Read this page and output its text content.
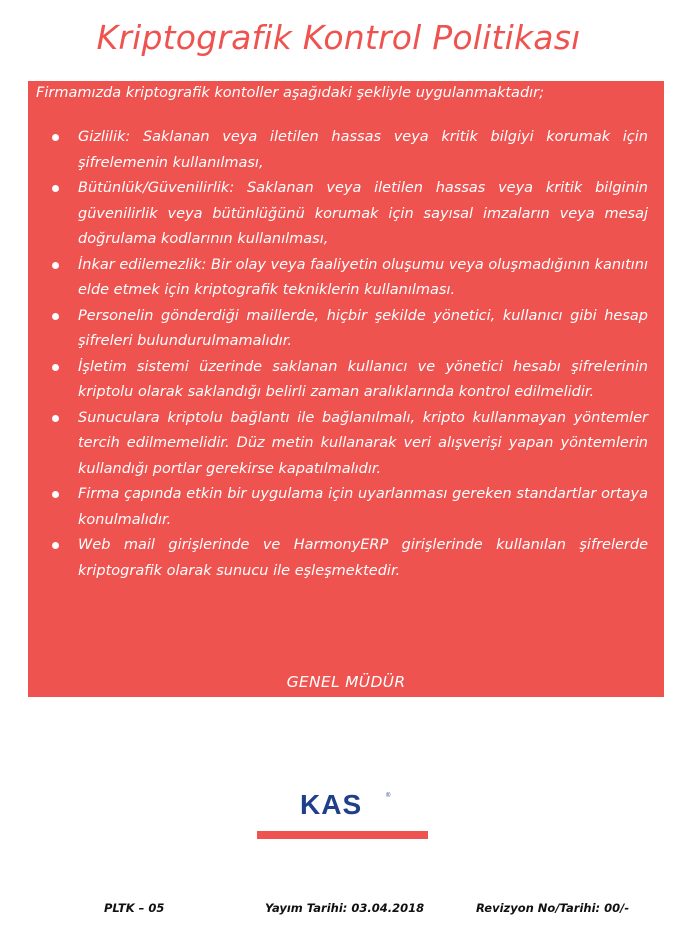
Kriptografik Kontrol Politikası
Firmamızda kriptografik kontoller aşağıdaki şekliyle uygulanmaktadır;
Gizlilik: Saklanan veya iletilen hassas veya kritik bilgiyi korumak için şifrelemenin kullanılması,
Bütünlük/Güvenilirlik: Saklanan veya iletilen hassas veya kritik bilginin güvenilirlik veya bütünlüğünü korumak için sayısal imzaların veya mesaj doğrulama kodlarının kullanılması,
İnkar edilemezlik: Bir olay veya faaliyetin oluşumu veya oluşmadığının kanıtını elde etmek için kriptografik tekniklerin kullanılması.
Personelin gönderdiği maillerde, hiçbir şekilde yönetici, kullanıcı gibi hesap şifreleri bulundurulmamalıdır.
İşletim sistemi üzerinde saklanan kullanıcı ve yönetici hesabı şifrelerinin kriptolu olarak saklandığı belirli zaman aralıklarında kontrol edilmelidir.
Sunuculara kriptolu bağlantı ile bağlanılmalı, kripto kullanmayan yöntemler tercih edilmemelidir. Düz metin kullanarak veri alışverişi yapan yöntemlerin kullandığı portlar gerekirse kapatılmalıdır.
Firma çapında etkin bir uygulama için uyarlanması gereken standartlar ortaya konulmalıdır.
Web mail girişlerinde ve HarmonyERP girişlerinde kullanılan şifrelerde kriptografik olarak sunucu ile eşleşmektedir.
GENEL MÜDÜR
KAS	®
PLTK – 05	Yayım Tarihi: 03.04.2018	Revizyon No/Tarihi: 00/-
